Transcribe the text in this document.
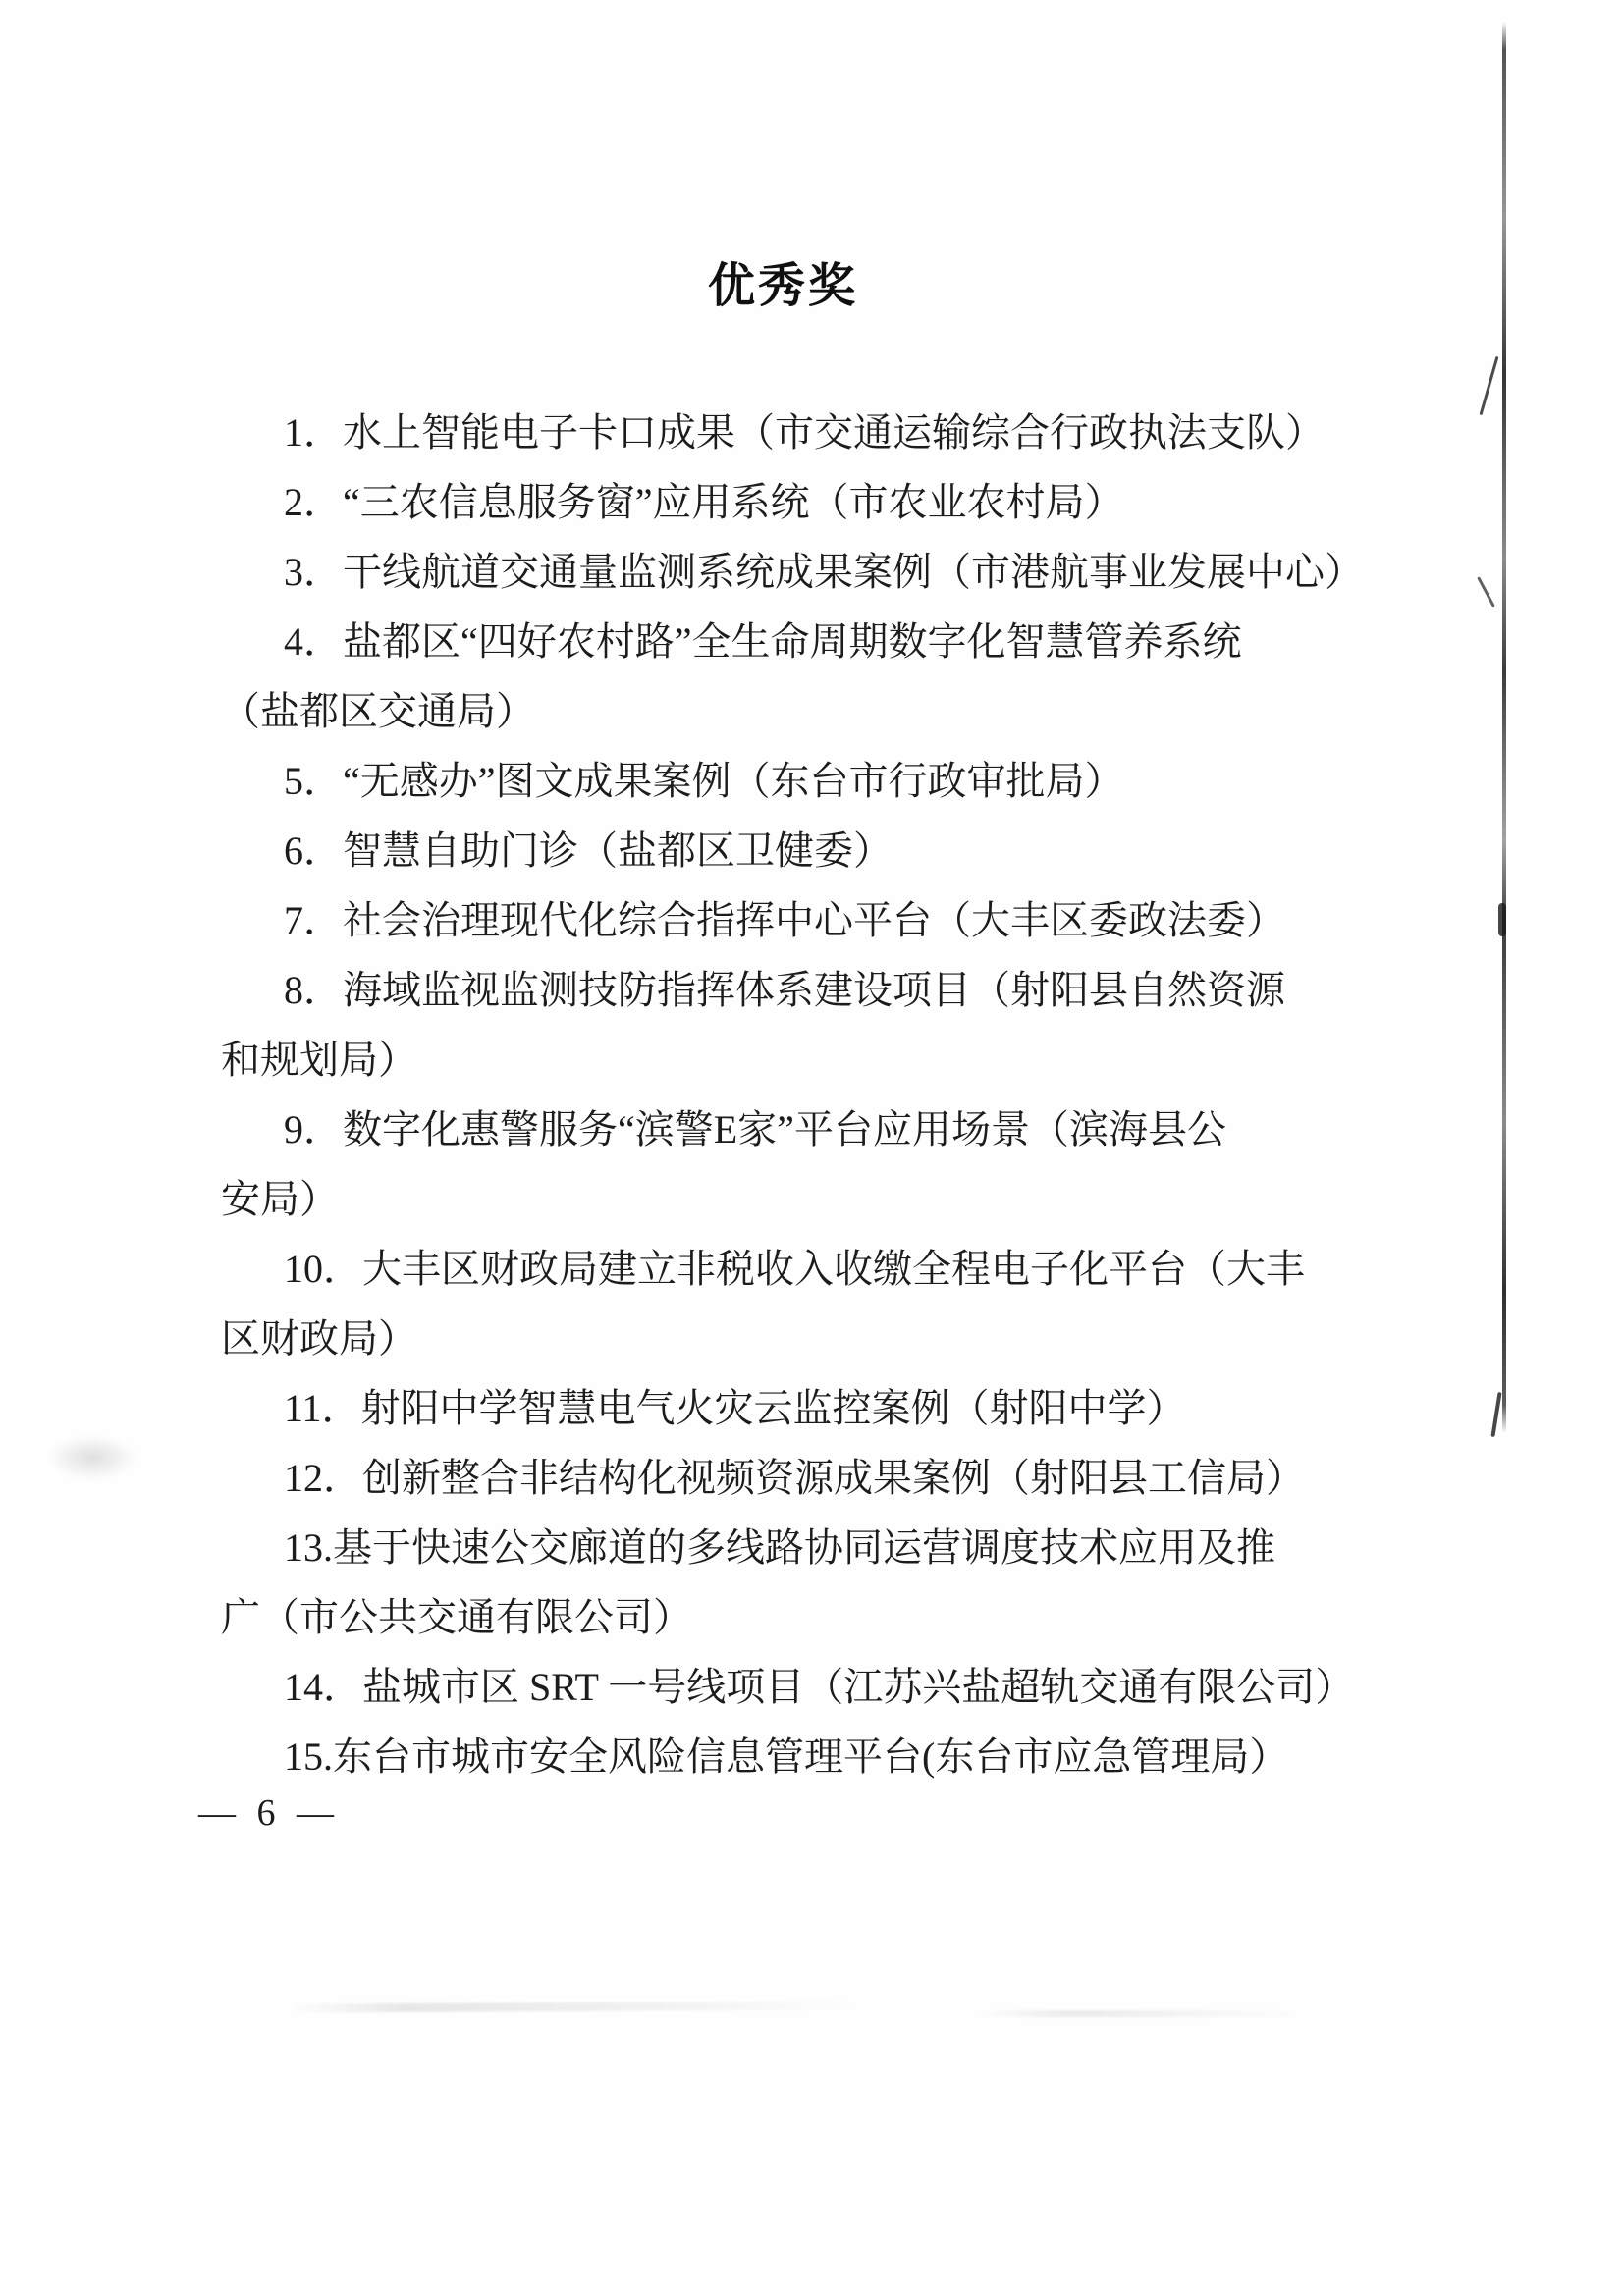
优秀奖
1．水上智能电子卡口成果（市交通运输综合行政执法支队）
2．“三农信息服务窗”应用系统（市农业农村局）
3．干线航道交通量监测系统成果案例（市港航事业发展中心）
4．盐都区“四好农村路”全生命周期数字化智慧管养系统
（盐都区交通局）
5．“无感办”图文成果案例（东台市行政审批局）
6．智慧自助门诊（盐都区卫健委）
7．社会治理现代化综合指挥中心平台（大丰区委政法委）
8．海域监视监测技防指挥体系建设项目（射阳县自然资源
和规划局）
9．数字化惠警服务“滨警E家”平台应用场景（滨海县公
安局）
10．大丰区财政局建立非税收入收缴全程电子化平台（大丰
区财政局）
11．射阳中学智慧电气火灾云监控案例（射阳中学）
12．创新整合非结构化视频资源成果案例（射阳县工信局）
13.基于快速公交廊道的多线路协同运营调度技术应用及推
广（市公共交通有限公司）
14．盐城市区 SRT 一号线项目（江苏兴盐超轨交通有限公司）
15.东台市城市安全风险信息管理平台(东台市应急管理局）
— 6 —
